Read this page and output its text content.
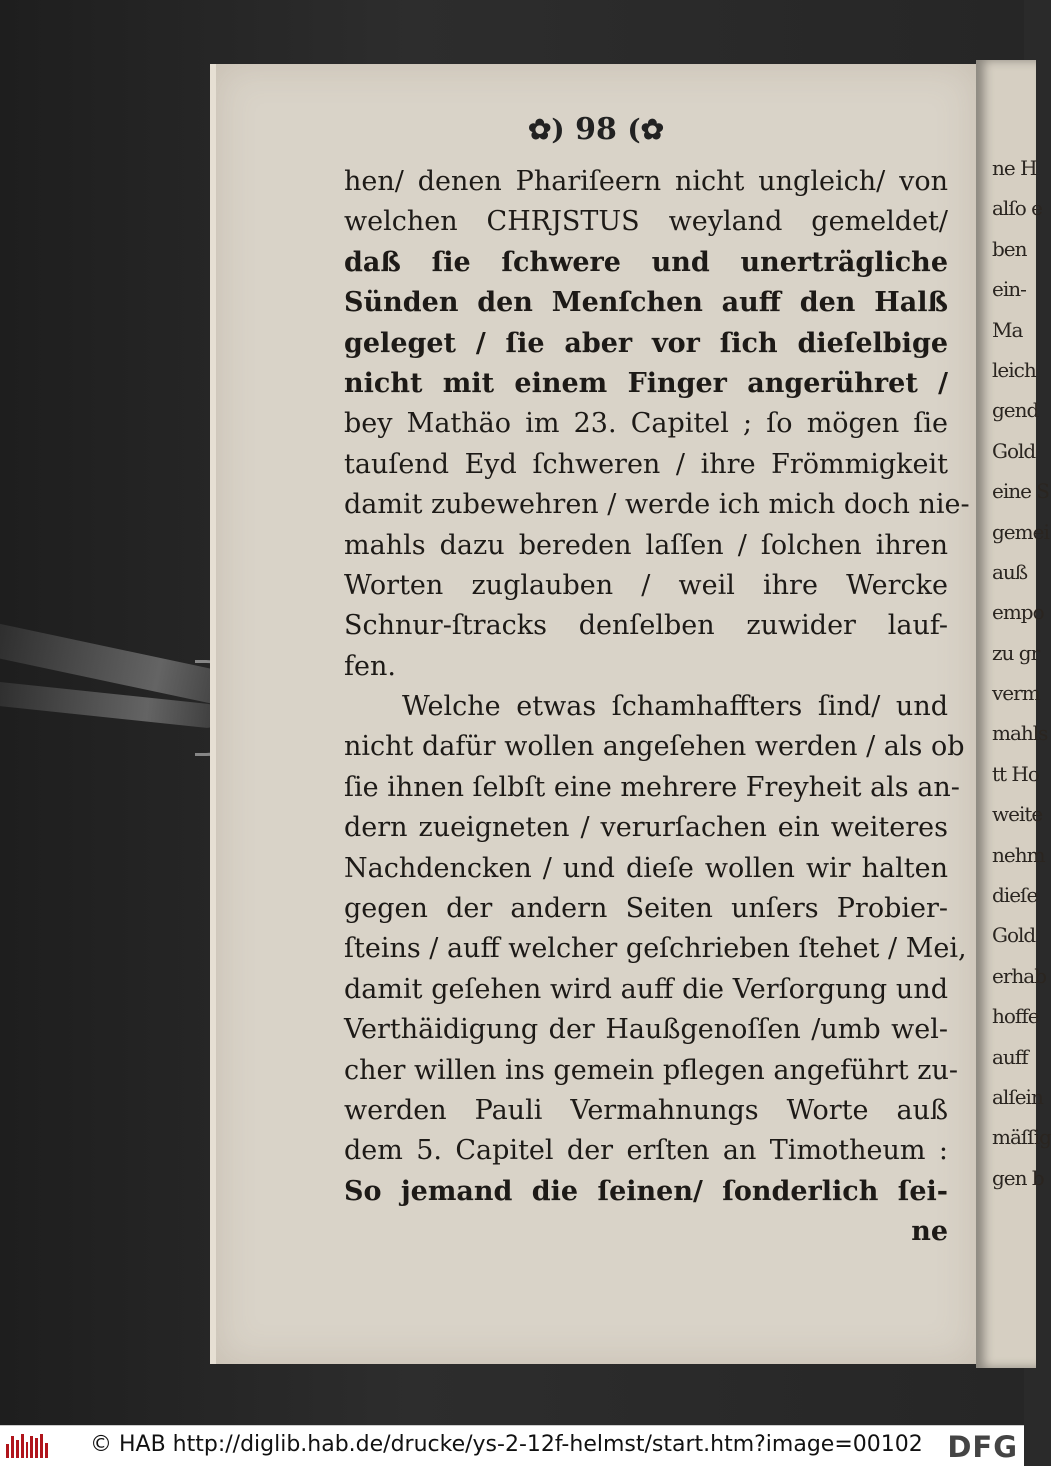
✿) 98 (✿
hen/ denen Phariſeern nicht ungleich/ von
welchen CHRJSTUS weyland gemeldet/
daß ſie ſchwere und unerträgliche
Sünden den Menſchen auff den Halß
geleget / ſie aber vor ſich dieſelbige
nicht mit einem Finger angerühret /
bey Mathäo im 23. Capitel ; ſo mögen ſie
tauſend Eyd ſchweren / ihre Frömmigkeit
damit zubewehren / werde ich mich doch nie-
mahls dazu bereden laſſen / ſolchen ihren
Worten zuglauben / weil ihre Wercke
Schnur-ſtracks denſelben zuwider lauf-
fen.
Welche etwas ſchamhaffters ſind/ und
nicht dafür wollen angeſehen werden / als ob
ſie ihnen ſelbſt eine mehrere Freyheit als an-
dern zueigneten / verurſachen ein weiteres
Nachdencken / und dieſe wollen wir halten
gegen der andern Seiten unſers Probier-
ſteins / auff welcher geſchrieben ſtehet / Mei,
damit geſehen wird auff die Verſorgung und
Verthäidigung der Haußgenoſſen /umb wel-
cher willen ins gemein pflegen angeführt zu-
werden Pauli Vermahnungs Worte auß
dem 5. Capitel der erſten an Timotheum :
So jemand die ſeinen/ ſonderlich ſei-
ne
ne H
alſo e
ben
ein-
Ma
leich
gend
Gold
eine S
gemei
auß
empo
zu gr
verm
mahls
tt Ho
weite
nehm
dieſe
Gold
erhab
hoffe
auff
alſein
mäſſig
gen b
© HAB http://diglib.hab.de/drucke/ys-2-12f-helmst/start.htm?image=00102 DFG
